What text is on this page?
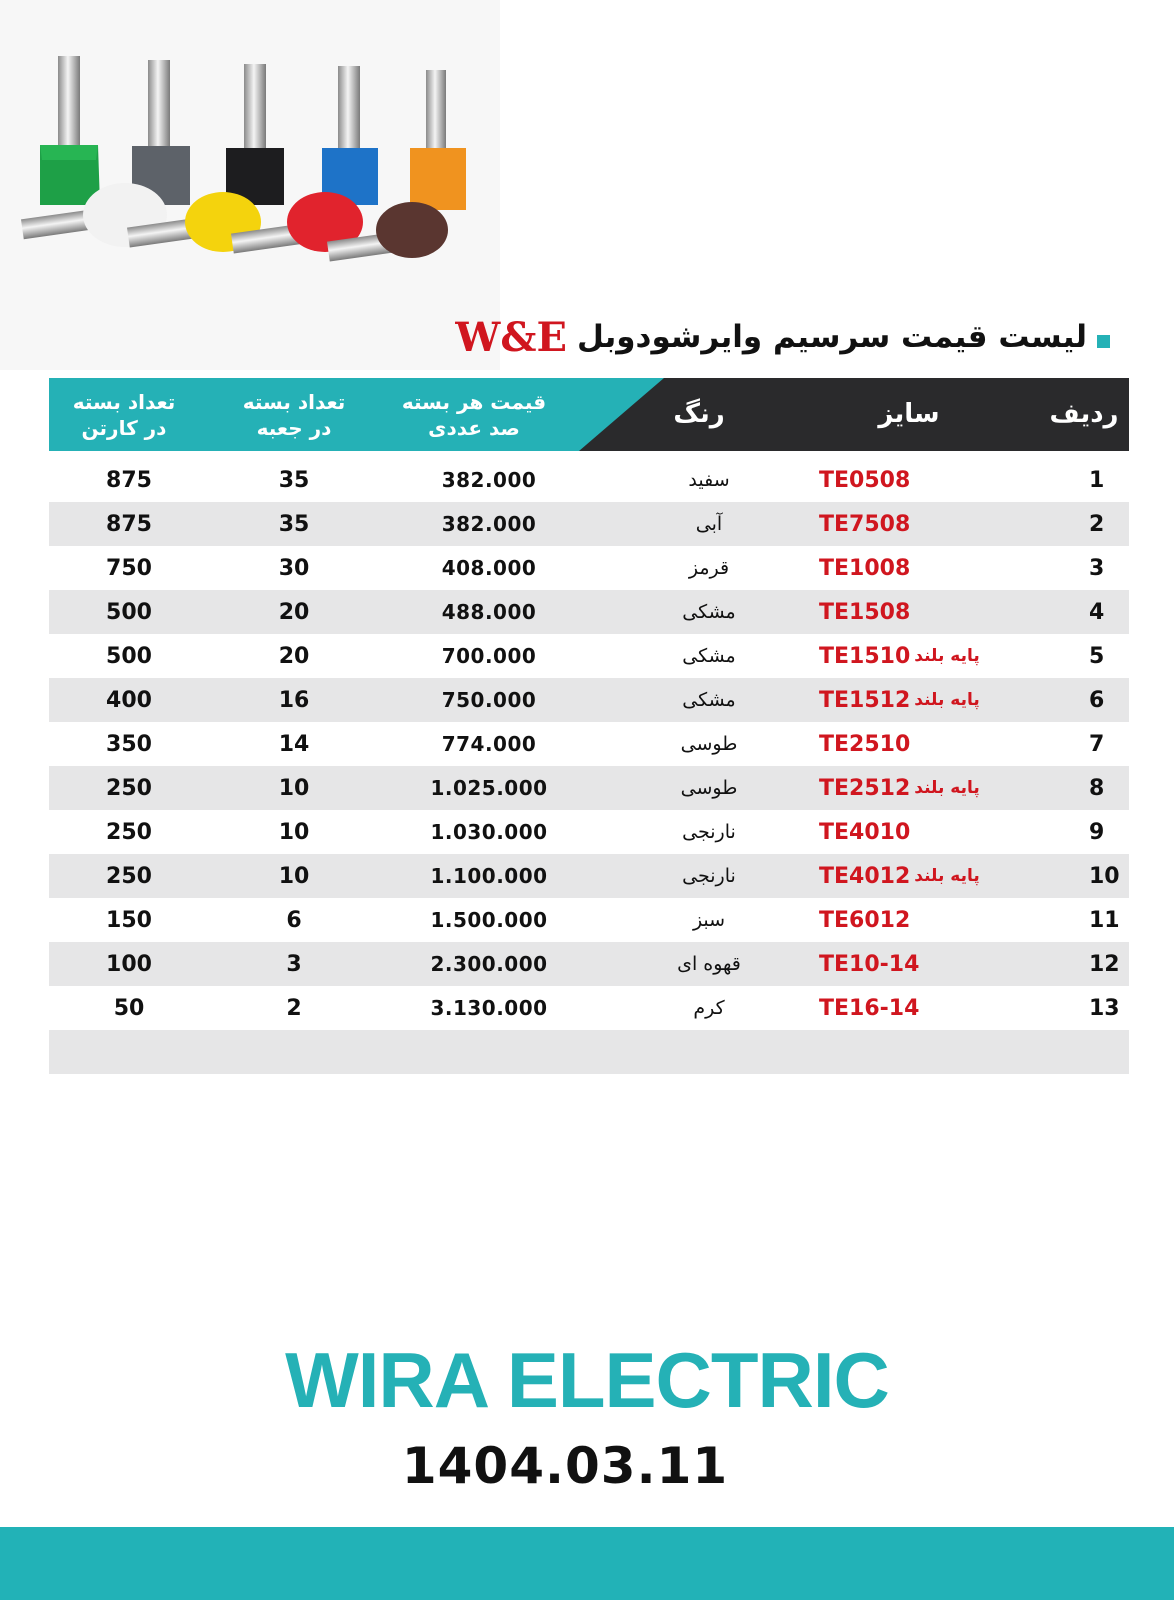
لیست قیمت سرسیم وایرشودوبل
W&E
ردیف
سایز
رنگ
قیمت هر بسته
صد عددی
تعداد بسته
در جعبه
تعداد بسته
در کارتن
1
TE0508
سفید
382.000
35
875
2
TE7508
آبی
382.000
35
875
3
TE1008
قرمز
408.000
30
750
4
TE1508
مشکی
488.000
20
500
5
TE1510 پایه بلند
مشکی
700.000
20
500
6
TE1512 پایه بلند
مشکی
750.000
16
400
7
TE2510
طوسی
774.000
14
350
8
TE2512 پایه بلند
طوسی
1.025.000
10
250
9
TE4010
نارنجی
1.030.000
10
250
10
TE4012 پایه بلند
نارنجی
1.100.000
10
250
11
TE6012
سبز
1.500.000
6
150
12
TE10-14
قهوه ای
2.300.000
3
100
13
TE16-14
کرم
3.130.000
2
50
WIRA ELECTRIC
1404.03.11
